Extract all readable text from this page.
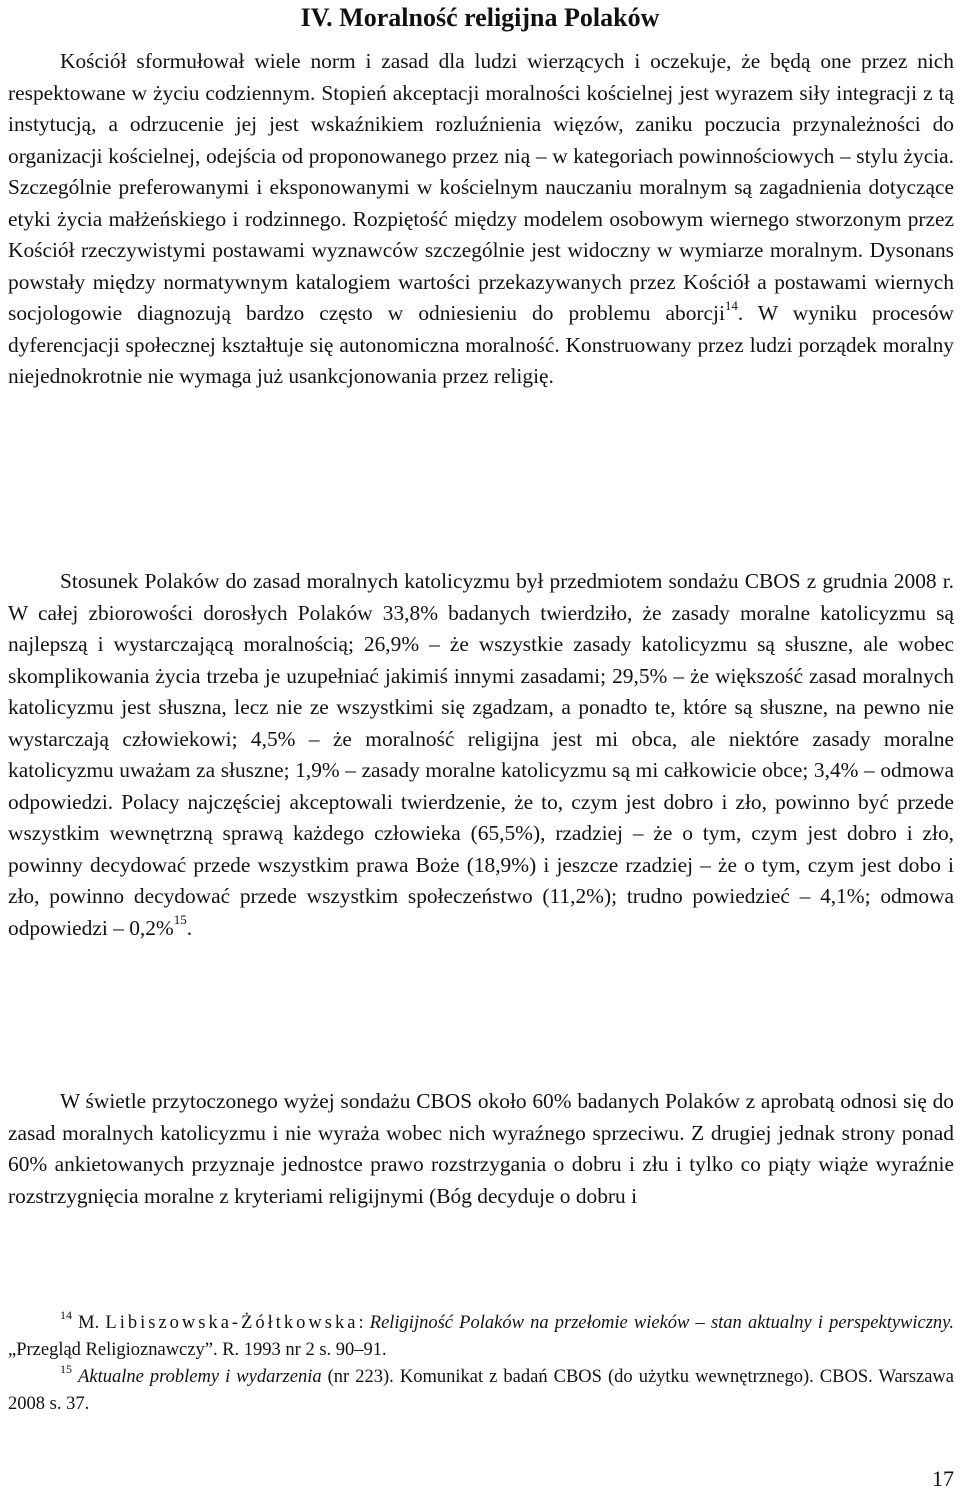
IV. Moralność religijna Polaków

Kościół sformułował wiele norm i zasad dla ludzi wierzących i oczekuje, że będą one przez nich respektowane w życiu codziennym. Stopień akceptacji moralności kościelnej jest wyrazem siły integracji z tą instytucją, a odrzucenie jej jest wskaźnikiem rozluźnienia więzów, zaniku poczucia przynależności do organizacji kościelnej, odejścia od proponowanego przez nią – w kategoriach powinnościowych – stylu życia. Szczególnie preferowanymi i eksponowanymi w kościelnym nauczaniu moralnym są zagadnienia dotyczące etyki życia małżeńskiego i rodzinnego. Rozpiętość między modelem osobowym wiernego stworzonym przez Kościół rzeczywistymi postawami wyznawców szczególnie jest widoczny w wymiarze moralnym. Dysonans powstały między normatywnym katalogiem wartości przekazywanych przez Kościół a postawami wiernych socjologowie diagnozują bardzo często w odniesieniu do problemu aborcji$^{14}$. W wyniku procesów dyferencjacji społecznej kształtuje się autonomiczna moralność. Konstruowany przez ludzi porządek moralny niejednokrotnie nie wymaga już usankcjonowania przez religię.

Stosunek Polaków do zasad moralnych katolicyzmu był przedmiotem sondażu CBOS z grudnia 2008 r. W całej zbiorowości dorosłych Polaków 33,8% badanych twierdziło, że zasady moralne katolicyzmu są najlepszą i wystarczającą moralnością; 26,9% – że wszystkie zasady katolicyzmu są słuszne, ale wobec skomplikowania życia trzeba je uzupełniać jakimiś innymi zasadami; 29,5% – że większość zasad moralnych katolicyzmu jest słuszna, lecz nie ze wszystkimi się zgadzam, a ponadto te, które są słuszne, na pewno nie wystarczają człowiekowi; 4,5% – że moralność religijna jest mi obca, ale niektóre zasady moralne katolicyzmu uważam za słuszne; 1,9% – zasady moralne katolicyzmu są mi całkowicie obce; 3,4% – odmowa odpowiedzi. Polacy najczęściej akceptowali twierdzenie, że to, czym jest dobro i zło, powinno być przede wszystkim wewnętrzną sprawą każdego człowieka (65,5%), rzadziej – że o tym, czym jest dobro i zło, powinny decydować przede wszystkim prawa Boże (18,9%) i jeszcze rzadziej – że o tym, czym jest dobo i zło, powinno decydować przede wszystkim społeczeństwo (11,2%); trudno powiedzieć – 4,1%; odmowa odpowiedzi – 0,2%$^{15}$.

W świetle przytoczonego wyżej sondażu CBOS około 60% badanych Polaków z aprobatą odnosi się do zasad moralnych katolicyzmu i nie wyraża wobec nich wyraźnego sprzeciwu. Z drugiej jednak strony ponad 60% ankietowanych przyznaje jednostce prawo rozstrzygania o dobru i złu i tylko co piąty wiąże wyraźnie rozstrzygnięcia moralne z kryteriami religijnymi (Bóg decyduje o dobru i

$^{14}$ M. Libiszowska-Żółtkowska: Religijność Polaków na przełomie wieków – stan aktualny i perspektywiczny. „Przegląd Religioznawczy”. R. 1993 nr 2 s. 90–91.

$^{15}$ Aktualne problemy i wydarzenia (nr 223). Komunikat z badań CBOS (do użytku wewnętrznego). CBOS. Warszawa 2008 s. 37.

17
